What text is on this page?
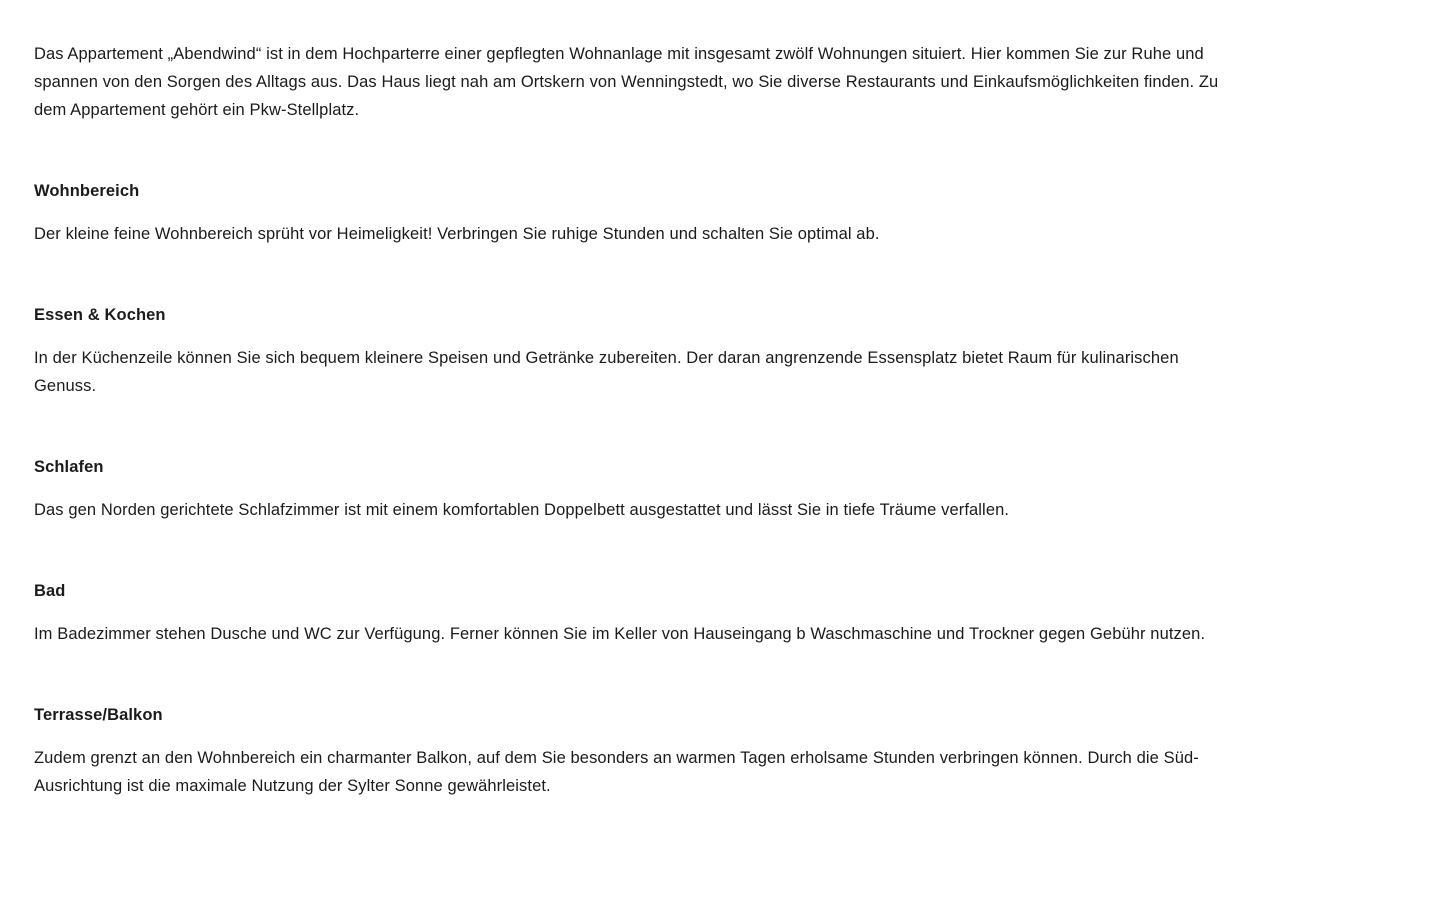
Das Appartement „Abendwind“ ist in dem Hochparterre einer gepflegten Wohnanlage mit insgesamt zwölf Wohnungen situiert. Hier kommen Sie zur Ruhe und
spannen von den Sorgen des Alltags aus. Das Haus liegt nah am Ortskern von Wenningstedt, wo Sie diverse Restaurants und Einkaufsmöglichkeiten finden. Zu
dem Appartement gehört ein Pkw-Stellplatz.
Wohnbereich
Der kleine feine Wohnbereich sprüht vor Heimeligkeit! Verbringen Sie ruhige Stunden und schalten Sie optimal ab.
Essen & Kochen
In der Küchenzeile können Sie sich bequem kleinere Speisen und Getränke zubereiten. Der daran angrenzende Essensplatz bietet Raum für kulinarischen
Genuss.
Schlafen
Das gen Norden gerichtete Schlafzimmer ist mit einem komfortablen Doppelbett ausgestattet und lässt Sie in tiefe Träume verfallen.
Bad
Im Badezimmer stehen Dusche und WC zur Verfügung. Ferner können Sie im Keller von Hauseingang b Waschmaschine und Trockner gegen Gebühr nutzen.
Terrasse/Balkon
Zudem grenzt an den Wohnbereich ein charmanter Balkon, auf dem Sie besonders an warmen Tagen erholsame Stunden verbringen können. Durch die Süd-
Ausrichtung ist die maximale Nutzung der Sylter Sonne gewährleistet.
